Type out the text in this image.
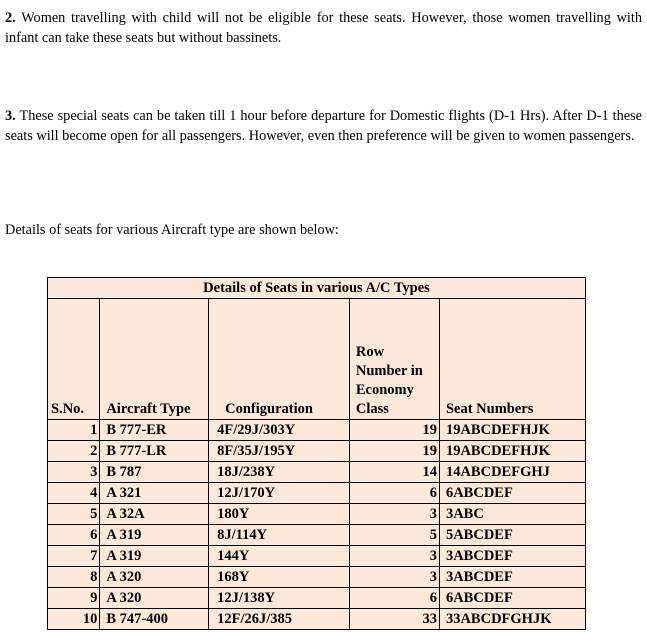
2. Women travelling with child will not be eligible for these seats. However, those women travelling with infant can take these seats but without bassinets.

3. These special seats can be taken till 1 hour before departure for Domestic flights (D-1 Hrs). After D-1 these seats will become open for all passengers. However, even then preference will be given to women passengers.

Details of seats for various Aircraft type are shown below:

Details of Seats in various A/C Types				
S.No.	Aircraft Type	Configuration	Row
Number in
Economy
Class	Seat Numbers
1	B 777-ER	4F/29J/303Y	19	19ABCDEFHJK
2	B 777-LR	8F/35J/195Y	19	19ABCDEFHJK
3	B 787	18J/238Y	14	14ABCDEFGHJ
4	A 321	12J/170Y	6	6ABCDEF
5	A 32A	180Y	3	3ABC
6	A 319	8J/114Y	5	5ABCDEF
7	A 319	144Y	3	3ABCDEF
8	A 320	168Y	3	3ABCDEF
9	A 320	12J/138Y	6	6ABCDEF
10	B 747-400	12F/26J/385	33	33ABCDFGHJK
